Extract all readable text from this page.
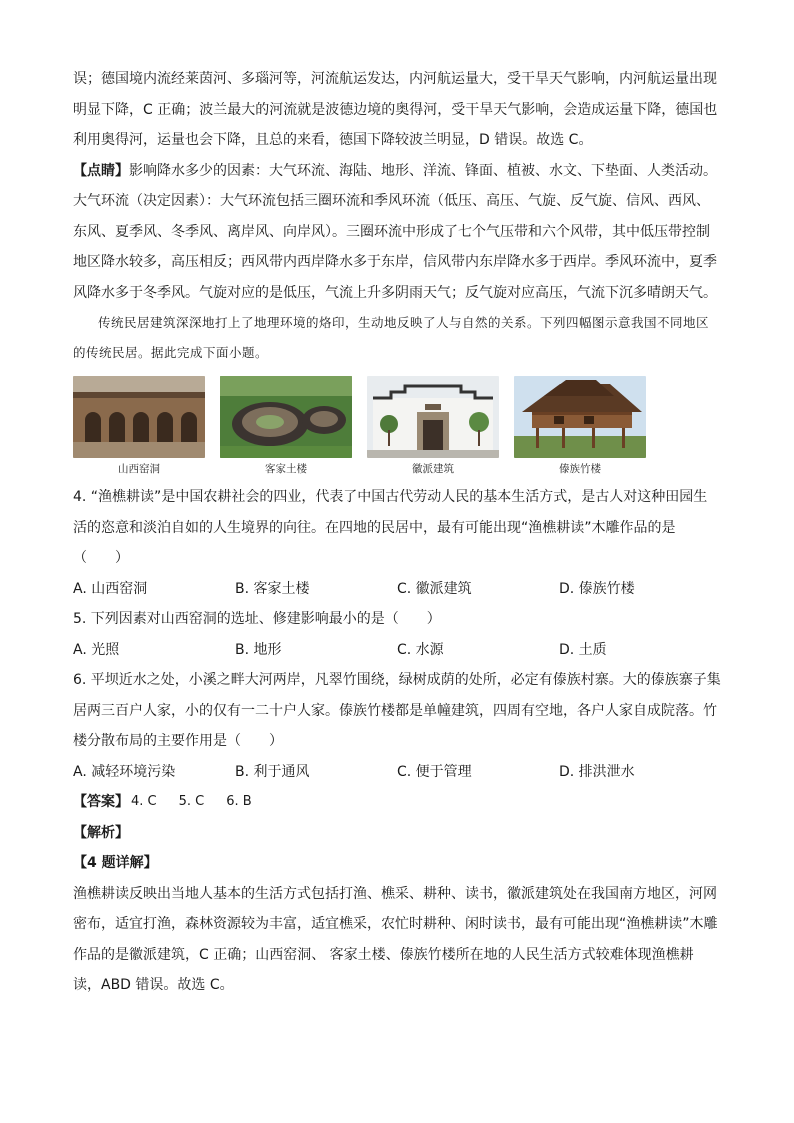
误；德国境内流经莱茵河、多瑙河等，河流航运发达，内河航运量大，受干旱天气影响，内河航运量出现

明显下降，C 正确；波兰最大的河流就是波德边境的奥得河，受干旱天气影响，会造成运量下降，德国也

利用奥得河，运量也会下降，且总的来看，德国下降较波兰明显，D 错误。故选 C。

【点睛】影响降水多少的因素：大气环流、海陆、地形、洋流、锋面、植被、水文、下垫面、人类活动。

大气环流（决定因素）：大气环流包括三圈环流和季风环流（低压、高压、气旋、反气旋、信风、西风、

东风、夏季风、冬季风、离岸风、向岸风）。三圈环流中形成了七个气压带和六个风带，其中低压带控制

地区降水较多，高压相反；西风带内西岸降水多于东岸，信风带内东岸降水多于西岸。季风环流中，夏季

风降水多于冬季风。气旋对应的是低压，气流上升多阴雨天气；反气旋对应高压，气流下沉多晴朗天气。

传统民居建筑深深地打上了地理环境的烙印，生动地反映了人与自然的关系。下列四幅图示意我国不同地区的传统民居。据此完成下面小题。

山西窑洞	客家土楼	徽派建筑	傣族竹楼

4. “渔樵耕读”是中国农耕社会的四业，代表了中国古代劳动人民的基本生活方式，是古人对这种田园生

活的恣意和淡泊自如的人生境界的向往。在四地的民居中，最有可能出现“渔樵耕读”木雕作品的是

（　　）

A. 山西窑洞	B. 客家土楼	C. 徽派建筑	D. 傣族竹楼

5. 下列因素对山西窑洞的选址、修建影响最小的是（　　）

A. 光照	B. 地形	C. 水源	D. 土质

6. 平坝近水之处，小溪之畔大河两岸，凡翠竹围绕，绿树成荫的处所，必定有傣族村寨。大的傣族寨子集

居两三百户人家，小的仅有一二十户人家。傣族竹楼都是单幢建筑，四周有空地，各户人家自成院落。竹

楼分散布局的主要作用是（　　）

A. 减轻环境污染	B. 利于通风	C. 便于管理	D. 排洪泄水
【答案】 4. C 5. C 6. B

【解析】

【4 题详解】

渔樵耕读反映出当地人基本的生活方式包括打渔、樵采、耕种、读书，徽派建筑处在我国南方地区，河网

密布，适宜打渔，森林资源较为丰富，适宜樵采，农忙时耕种、闲时读书，最有可能出现“渔樵耕读”木雕

作品的是徽派建筑，C 正确；山西窑洞、 客家土楼、傣族竹楼所在地的人民生活方式较难体现渔樵耕

读，ABD 错误。故选 C。
